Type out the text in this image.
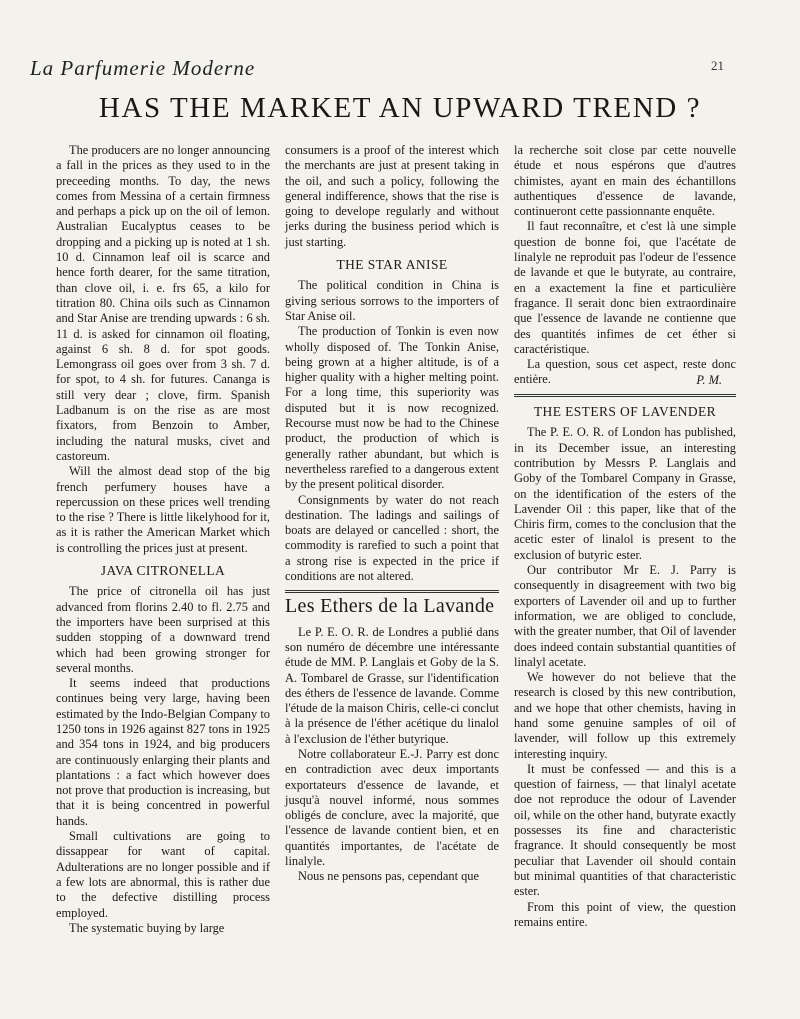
La Parfumerie Moderne	21
HAS THE MARKET AN UPWARD TREND ?

The producers are no longer announcing a fall in the prices as they used to in the preceeding months. To day, the news comes from Messina of a certain firmness and perhaps a pick up on the oil of lemon. Australian Eucalyptus ceases to be dropping and a picking up is noted at 1 sh. 10 d. Cinnamon leaf oil is scarce and hence forth dearer, for the same titration, than clove oil, i. e. frs 65, a kilo for titration 80. China oils such as Cinnamon and Star Anise are trending upwards : 6 sh. 11 d. is asked for cinnamon oil floating, against 6 sh. 8 d. for spot goods. Lemongrass oil goes over from 3 sh. 7 d. for spot, to 4 sh. for futures. Cananga is still very dear ; clove, firm. Spanish Ladbanum is on the rise as are most fixators, from Benzoin to Amber, including the natural musks, civet and castoreum.

Will the almost dead stop of the big french perfumery houses have a repercussion on these prices well trending to the rise ? There is little likelyhood for it, as it is rather the American Market which is controlling the prices just at present.

JAVA CITRONELLA

The price of citronella oil has just advanced from florins 2.40 to fl. 2.75 and the importers have been surprised at this sudden stopping of a downward trend which had been growing stronger for several months.

It seems indeed that productions continues being very large, having been estimated by the Indo-Belgian Company to 1250 tons in 1926 against 827 tons in 1925 and 354 tons in 1924, and big producers are continuously enlarging their plants and plantations : a fact which however does not prove that production is increasing, but that it is being concentred in powerful hands.

Small cultivations are going to dissappear for want of capital. Adulterations are no longer possible and if a few lots are abnormal, this is rather due to the defective distilling process employed.

The systematic buying by large

consumers is a proof of the interest which the merchants are just at present taking in the oil, and such a policy, following the general indifference, shows that the rise is going to develope regularly and without jerks during the business period which is just starting.

THE STAR ANISE

The political condition in China is giving serious sorrows to the importers of Star Anise oil.

The production of Tonkin is even now wholly disposed of. The Tonkin Anise, being grown at a higher altitude, is of a higher quality with a higher melting point. For a long time, this superiority was disputed but it is now recognized. Recourse must now be had to the Chinese product, the production of which is generally rather abundant, but which is nevertheless rarefied to a dangerous extent by the present political disorder.

Consignments by water do not reach destination. The ladings and sailings of boats are delayed or cancelled : short, the commodity is rarefied to such a point that a strong rise is expected in the price if conditions are not altered.

Les Ethers de la Lavande

Le P. E. O. R. de Londres a publié dans son numéro de décembre une intéressante étude de MM. P. Langlais et Goby de la S. A. Tombarel de Grasse, sur l'identification des éthers de l'essence de lavande. Comme l'étude de la maison Chiris, celle-ci conclut à la présence de l'éther acétique du linalol à l'exclusion de l'éther butyrique.

Notre collaborateur E.-J. Parry est donc en contradiction avec deux importants exportateurs d'essence de lavande, et jusqu'à nouvel informé, nous sommes obligés de conclure, avec la majorité, que l'essence de lavande contient bien, et en quantités importantes, de l'acétate de linalyle.

Nous ne pensons pas, cependant que

la recherche soit close par cette nouvelle étude et nous espérons que d'autres chimistes, ayant en main des échantillons authentiques d'essence de lavande, continueront cette passionnante enquête.

Il faut reconnaître, et c'est là une simple question de bonne foi, que l'acétate de linalyle ne reproduit pas l'odeur de l'essence de lavande et que le butyrate, au contraire, en a exactement la fine et particulière fragance. Il serait donc bien extraordinaire que l'essence de lavande ne contienne que des quantités infimes de cet éther si caractéristique.

La question, sous cet aspect, reste donc entière.	P. M.
THE ESTERS OF LAVENDER

The P. E. O. R. of London has published, in its December issue, an interesting contribution by Messrs P. Langlais and Goby of the Tombarel Company in Grasse, on the identification of the esters of the Lavender Oil : this paper, like that of the Chiris firm, comes to the conclusion that the acetic ester of linalol is present to the exclusion of butyric ester.

Our contributor Mr E. J. Parry is consequently in disagreement with two big exporters of Lavender oil and up to further information, we are obliged to conclude, with the greater number, that Oil of lavender does indeed contain substantial quantities of linalyl acetate.

We however do not believe that the research is closed by this new contribution, and we hope that other chemists, having in hand some genuine samples of oil of lavender, will follow up this extremely interesting inquiry.

It must be confessed — and this is a question of fairness, — that linalyl acetate doe not reproduce the odour of Lavender oil, while on the other hand, butyrate exactly possesses its fine and characteristic fragrance. It should consequently be most peculiar that Lavender oil should contain but minimal quantities of that characteristic ester.

From this point of view, the question remains entire.
